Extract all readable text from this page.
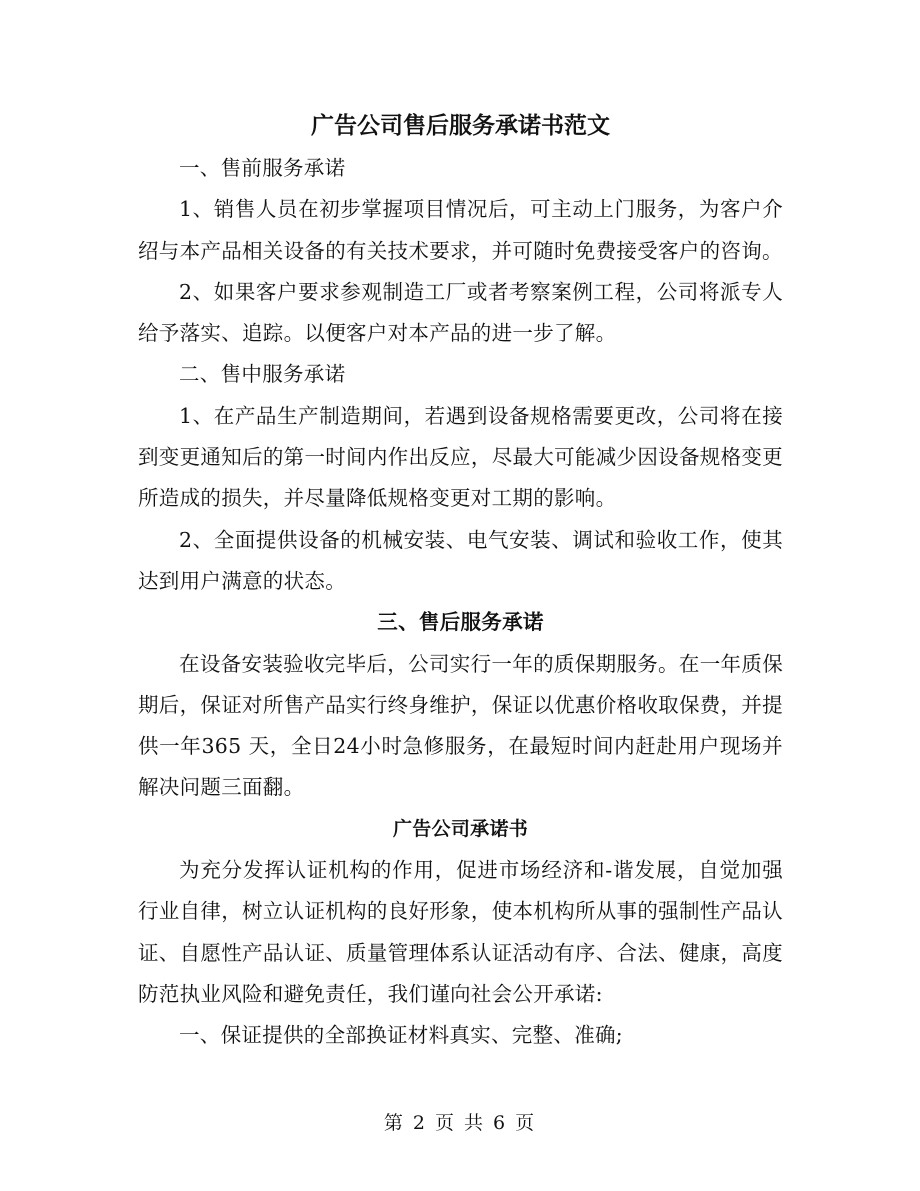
广告公司售后服务承诺书范文

一、售前服务承诺

1、销售人员在初步掌握项目情况后，可主动上门服务，为客户介绍与本产品相关设备的有关技术要求，并可随时免费接受客户的咨询。

2、如果客户要求参观制造工厂或者考察案例工程，公司将派专人给予落实、追踪。以便客户对本产品的进一步了解。

二、售中服务承诺

1、在产品生产制造期间，若遇到设备规格需要更改，公司将在接到变更通知后的第一时间内作出反应，尽最大可能减少因设备规格变更所造成的损失，并尽量降低规格变更对工期的影响。

2、全面提供设备的机械安装、电气安装、调试和验收工作，使其达到用户满意的状态。

三、售后服务承诺

在设备安装验收完毕后，公司实行一年的质保期服务。在一年质保期后，保证对所售产品实行终身维护，保证以优惠价格收取保费，并提供一年365 天，全日24小时急修服务，在最短时间内赶赴用户现场并解决问题三面翻。

广告公司承诺书

为充分发挥认证机构的作用，促进市场经济和-谐发展，自觉加强行业自律，树立认证机构的良好形象，使本机构所从事的强制性产品认证、自愿性产品认证、质量管理体系认证活动有序、合法、健康，高度防范执业风险和避免责任，我们谨向社会公开承诺:

一、保证提供的全部换证材料真实、完整、准确;

第 2 页 共 6 页
